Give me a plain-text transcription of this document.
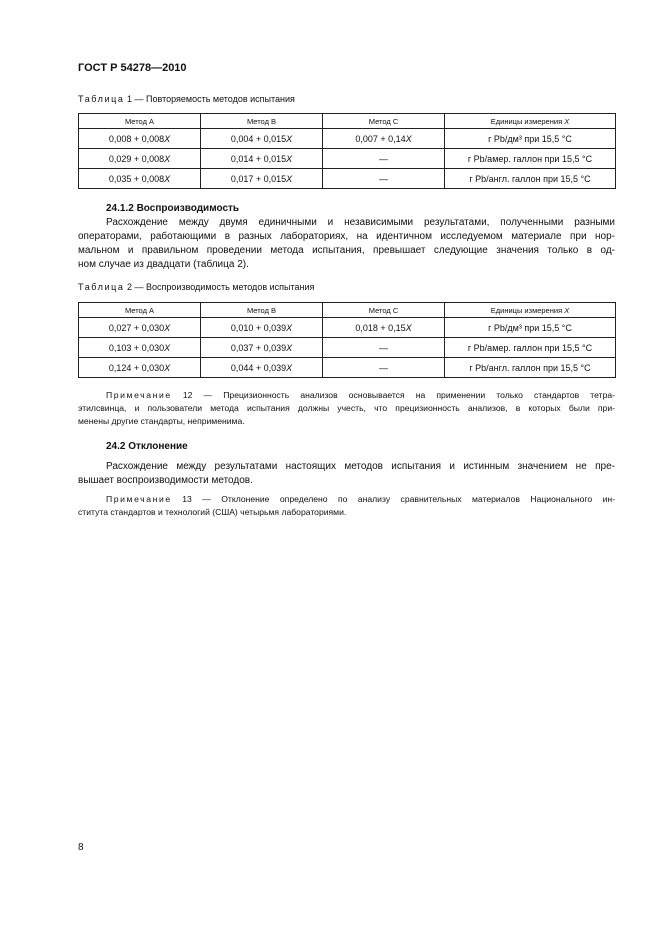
ГОСТ Р 54278—2010
Таблица 1 — Повторяемость методов испытания
Метод А	Метод В	Метод С	Единицы измерения X
0,008 + 0,008X	0,004 + 0,015X	0,007 + 0,14X	г Pb/дм³ при 15,5 °С
0,029 + 0,008X	0,014 + 0,015X	—	г Pb/амер. галлон при 15,5 °С
0,035 + 0,008X	0,017 + 0,015X	—	г Pb/англ. галлон при 15,5 °С
24.1.2 Воспроизводимость
Расхождение между двумя единичными и независимыми результатами, полученными разными
операторами, работающими в разных лабораториях, на идентичном исследуемом материале при нор-
мальном и правильном проведении метода испытания, превышает следующие значения только в од-
ном случае из двадцати (таблица 2).
Таблица 2 — Воспроизводимость методов испытания
Метод А	Метод В	Метод С	Единицы измерения X
0,027 + 0,030X	0,010 + 0,039X	0,018 + 0,15X	г Pb/дм³ при 15,5 °С
0,103 + 0,030X	0,037 + 0,039X	—	г Pb/амер. галлон при 15,5 °С
0,124 + 0,030X	0,044 + 0,039X	—	г Pb/англ. галлон при 15,5 °С
Примечание 12 — Прецизионность анализов основывается на применении только стандартов тетра-
этилсвинца, и пользователи метода испытания должны учесть, что прецизионность анализов, в которых были при-
менены другие стандарты, неприменима.
24.2 Отклонение
Расхождение между результатами настоящих методов испытания и истинным значением не пре-
вышает воспроизводимости методов.
Примечание 13 — Отклонение определено по анализу сравнительных материалов Национального ин-
ститута стандартов и технологий (США) четырьмя лабораториями.
8
